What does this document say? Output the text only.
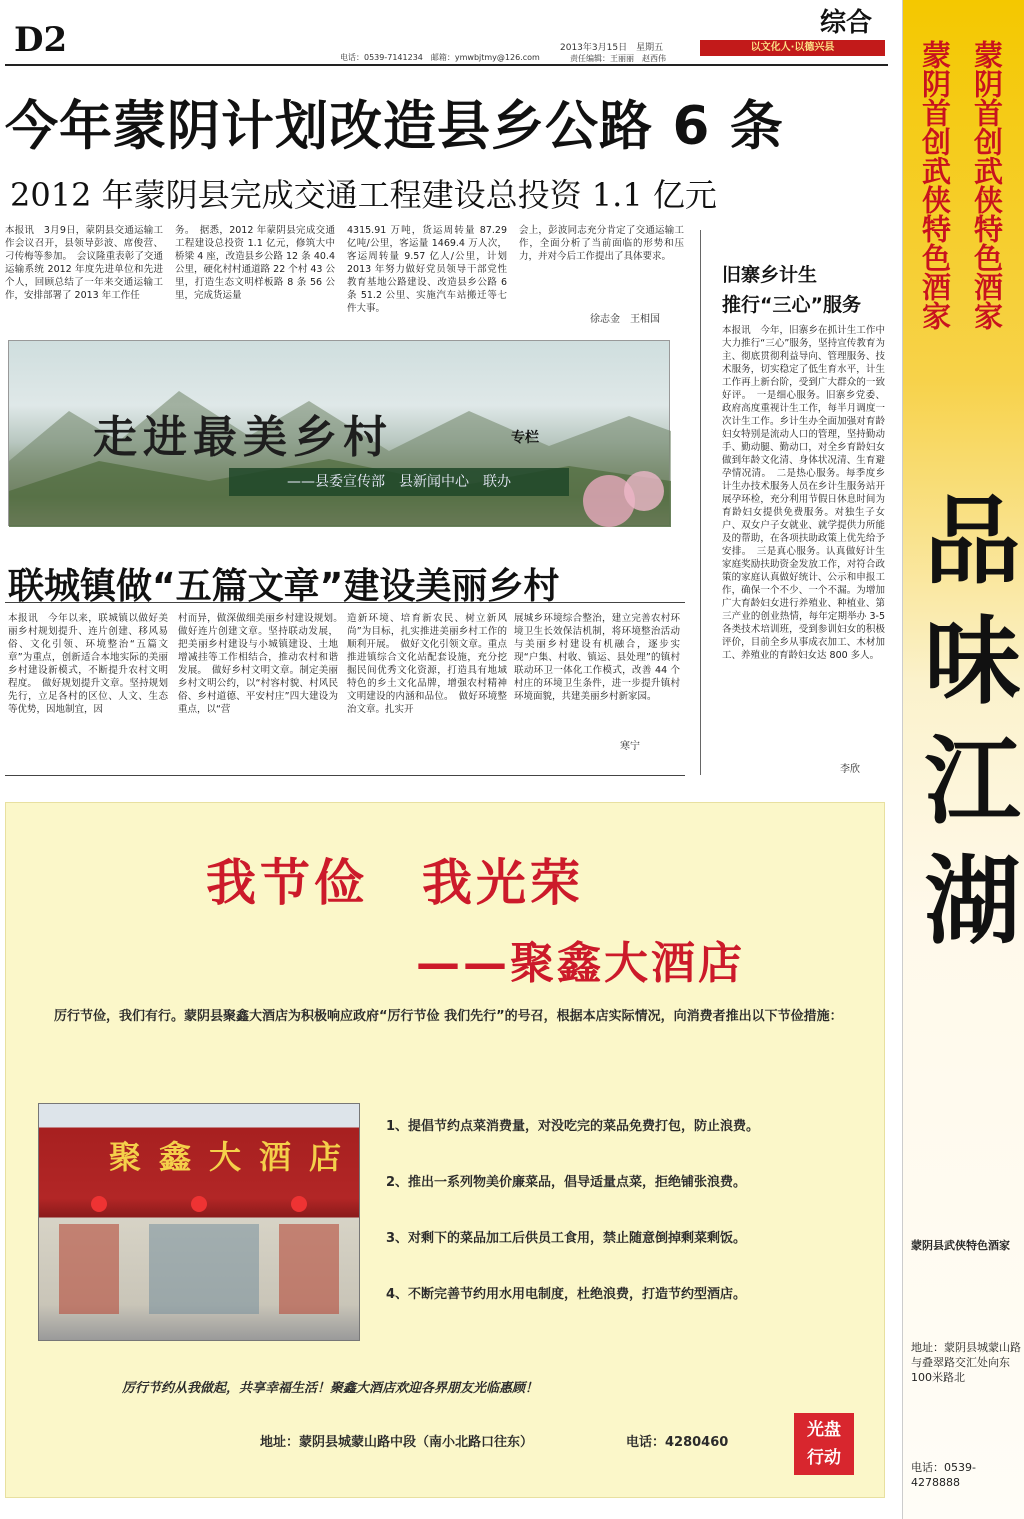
D2	综合
电话：0539-7141234　邮箱：ymwbjtmy@126.com
2013年3月15日　星期五
责任编辑：王丽丽　赵西伟
以文化人·以德兴县
今年蒙阴计划改造县乡公路 6 条
2012 年蒙阴县完成交通工程建设总投资 1.1 亿元
本报讯　3月9日，蒙阴县交通运输工作会议召开，县领导彭波、席俊营、刁传梅等参加。　会议隆重表彰了交通运输系统 2012 年度先进单位和先进个人，回顾总结了一年来交通运输工作，安排部署了 2013 年工作任
务。　据悉，2012 年蒙阴县完成交通工程建设总投资 1.1 亿元，修筑大中桥梁 4 座，改造县乡公路 12 条 40.4 公里，硬化村村通道路 22 个村 43 公里，打造生态文明样板路 8 条 56 公里，完成货运量
4315.91 万吨，货运周转量 87.29 亿吨/公里，客运量 1469.4 万人次，客运周转量 9.57 亿人/公里，计划 2013 年努力做好党员领导干部党性教育基地公路建设、改造县乡公路 6 条 51.2 公里、实施汽车站搬迁等七件大事。
会上，彭波同志充分肯定了交通运输工作，全面分析了当前面临的形势和压力，并对今后工作提出了具体要求。
徐志金　王相国
走进最美乡村	专栏
——县委宣传部　县新闻中心　联办
联城镇做“五篇文章”建设美丽乡村
本报讯　今年以来，联城镇以做好美丽乡村规划提升、连片创建、移风易俗、文化引领、环境整治“五篇文章”为重点，创新适合本地实际的美丽乡村建设新模式，不断提升农村文明程度。　做好规划提升文章。坚持规划先行，立足各村的区位、人文、生态等优势，因地制宜，因
村而异，做深做细美丽乡村建设规划。　做好连片创建文章。坚持联动发展，把美丽乡村建设与小城镇建设、土地增减挂等工作相结合，推动农村和谐发展。　做好乡村文明文章。制定美丽乡村文明公约，以“村容村貌、村风民俗、乡村道德、平安村庄”四大建设为重点，以“营
造新环境、培育新农民、树立新风尚”为目标，扎实推进美丽乡村工作的顺利开展。　做好文化引领文章。重点推进镇综合文化站配套设施，充分挖掘民间优秀文化资源，打造具有地域特色的乡土文化品牌，增强农村精神文明建设的内涵和品位。　做好环境整治文章。扎实开
展城乡环境综合整治，建立完善农村环境卫生长效保洁机制，将环境整治活动与美丽乡村建设有机融合，逐步实现“户集、村收、镇运、县处理”的镇村联动环卫一体化工作模式，改善 44 个村庄的环境卫生条件，进一步提升镇村环境面貌，共建美丽乡村新家园。
寒宁
旧寨乡计生
推行“三心”服务
本报讯　今年，旧寨乡在抓计生工作中大力推行“三心”服务，坚持宣传教育为主、彻底贯彻利益导向、管理服务、技术服务，切实稳定了低生育水平，计生工作再上新台阶，受到广大群众的一致好评。　一是细心服务。旧寨乡党委、政府高度重视计生工作，每半月调度一次计生工作。乡计生办全面加强对育龄妇女特别是流动人口的管理，坚持勤动手、勤动腿、勤动口，对全乡育龄妇女做到年龄文化清、身体状况清、生育避孕情况清。　二是热心服务。每季度乡计生办技术服务人员在乡计生服务站开展孕环检，充分利用节假日休息时间为育龄妇女提供免费服务。对独生子女户、双女户子女就业、就学提供力所能及的帮助，在各项扶助政策上优先给予安排。　三是真心服务。认真做好计生家庭奖励扶助资金发放工作，对符合政策的家庭认真做好统计、公示和申报工作，确保一个不少、一个不漏。为增加广大育龄妇女进行养殖业、种植业、第三产业的创业热情，每年定期举办 3-5 各类技术培训班，受到参训妇女的积极评价，目前全乡从事成衣加工、木材加工、养殖业的育龄妇女达 800 多人。
李欣
我节俭　我光荣
——聚鑫大酒店
厉行节俭，我们有行。蒙阴县聚鑫大酒店为积极响应政府“厉行节俭 我们先行”的号召，根据本店实际情况，向消费者推出以下节俭措施：
聚鑫大酒店
1、提倡节约点菜消费量，对没吃完的菜品免费打包，防止浪费。
2、推出一系列物美价廉菜品，倡导适量点菜，拒绝铺张浪费。
3、对剩下的菜品加工后供员工食用，禁止随意倒掉剩菜剩饭。
4、不断完善节约用水用电制度，杜绝浪费，打造节约型酒店。
厉行节约从我做起，共享幸福生活！聚鑫大酒店欢迎各界朋友光临惠顾！
地址：蒙阴县城蒙山路中段（南小北路口往东）	电话：4280460
光盘
行动
蒙阴首创武侠特色酒家 蒙阴首创武侠特色酒家
品味江湖
蒙阴县武侠特色酒家
地址：蒙阴县城蒙山路与叠翠路交汇处向东100米路北
电话：0539-4278888
